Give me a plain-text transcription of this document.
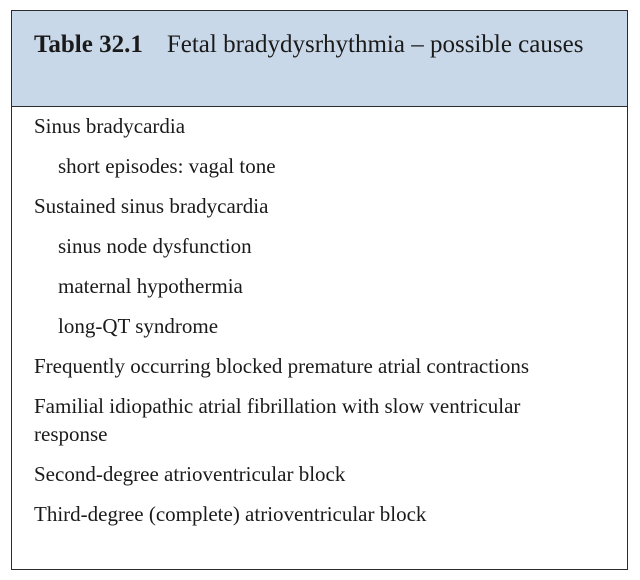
Table 32.1 Fetal bradydysrhythmia – possible causes
Sinus bradycardia
short episodes: vagal tone
Sustained sinus bradycardia
sinus node dysfunction
maternal hypothermia
long-QT syndrome
Frequently occurring blocked premature atrial contractions
Familial idiopathic atrial fibrillation with slow ventricular response
Second-degree atrioventricular block
Third-degree (complete) atrioventricular block
